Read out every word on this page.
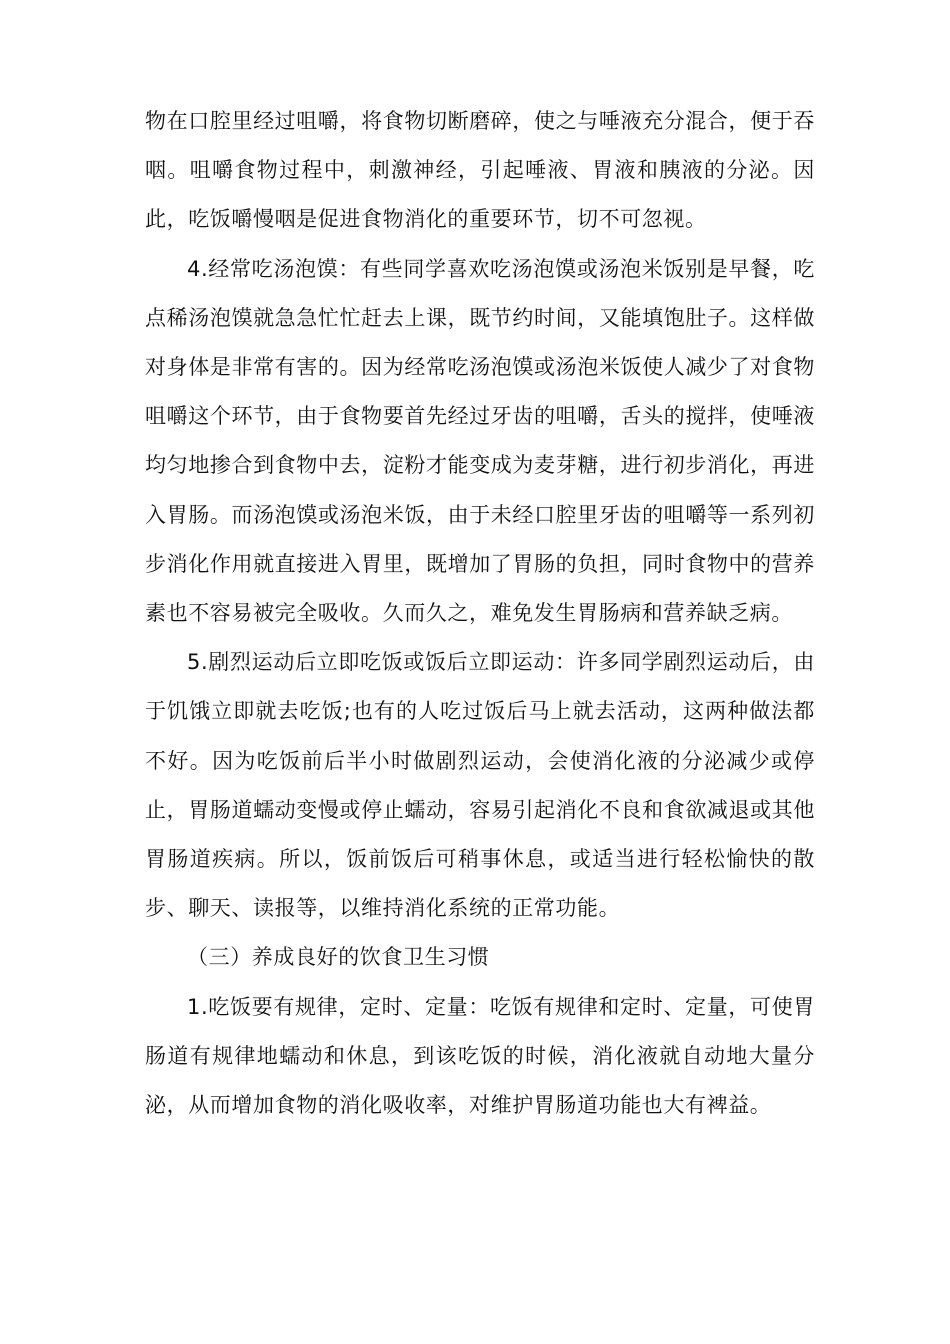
物在口腔里经过咀嚼，将食物切断磨碎，使之与唾液充分混合，便于吞咽。咀嚼食物过程中，刺激神经，引起唾液、胃液和胰液的分泌。因此，吃饭嚼慢咽是促进食物消化的重要环节，切不可忽视。

4.经常吃汤泡馍：有些同学喜欢吃汤泡馍或汤泡米饭别是早餐，吃点稀汤泡馍就急急忙忙赶去上课，既节约时间，又能填饱肚子。这样做对身体是非常有害的。因为经常吃汤泡馍或汤泡米饭使人减少了对食物咀嚼这个环节，由于食物要首先经过牙齿的咀嚼，舌头的搅拌，使唾液均匀地掺合到食物中去，淀粉才能变成为麦芽糖，进行初步消化，再进入胃肠。而汤泡馍或汤泡米饭，由于未经口腔里牙齿的咀嚼等一系列初步消化作用就直接进入胃里，既增加了胃肠的负担，同时食物中的营养素也不容易被完全吸收。久而久之，难免发生胃肠病和营养缺乏病。

5.剧烈运动后立即吃饭或饭后立即运动：许多同学剧烈运动后，由于饥饿立即就去吃饭;也有的人吃过饭后马上就去活动，这两种做法都不好。因为吃饭前后半小时做剧烈运动，会使消化液的分泌减少或停止，胃肠道蠕动变慢或停止蠕动，容易引起消化不良和食欲减退或其他胃肠道疾病。所以，饭前饭后可稍事休息，或适当进行轻松愉快的散步、聊天、读报等，以维持消化系统的正常功能。

（三）养成良好的饮食卫生习惯

1.吃饭要有规律，定时、定量：吃饭有规律和定时、定量，可使胃肠道有规律地蠕动和休息，到该吃饭的时候，消化液就自动地大量分泌，从而增加食物的消化吸收率，对维护胃肠道功能也大有裨益。
